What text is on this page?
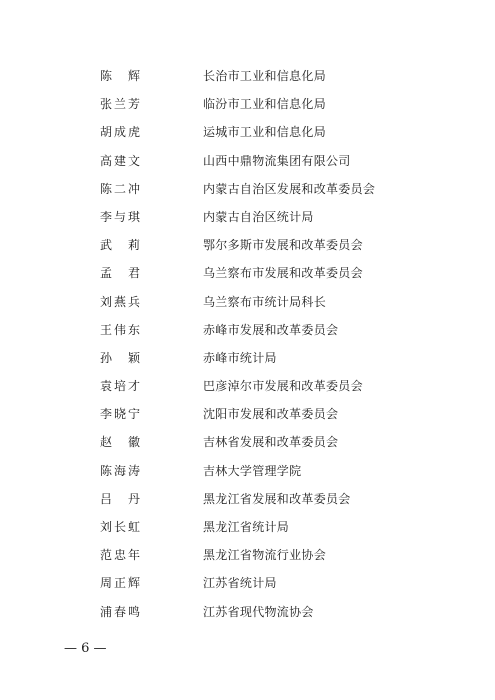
陈　辉	长治市工业和信息化局
张兰芳	临汾市工业和信息化局
胡成虎	运城市工业和信息化局
高建文	山西中鼎物流集团有限公司
陈二冲	内蒙古自治区发展和改革委员会
李与琪	内蒙古自治区统计局
武　莉	鄂尔多斯市发展和改革委员会
孟　君	乌兰察布市发展和改革委员会
刘燕兵	乌兰察布市统计局科长
王伟东	赤峰市发展和改革委员会
孙　颖	赤峰市统计局
袁培才	巴彦淖尔市发展和改革委员会
李晓宁	沈阳市发展和改革委员会
赵　徽	吉林省发展和改革委员会
陈海涛	吉林大学管理学院
吕　丹	黑龙江省发展和改革委员会
刘长虹	黑龙江省统计局
范忠年	黑龙江省物流行业协会
周正辉	江苏省统计局
浦春鸣	江苏省现代物流协会
— 6 —
